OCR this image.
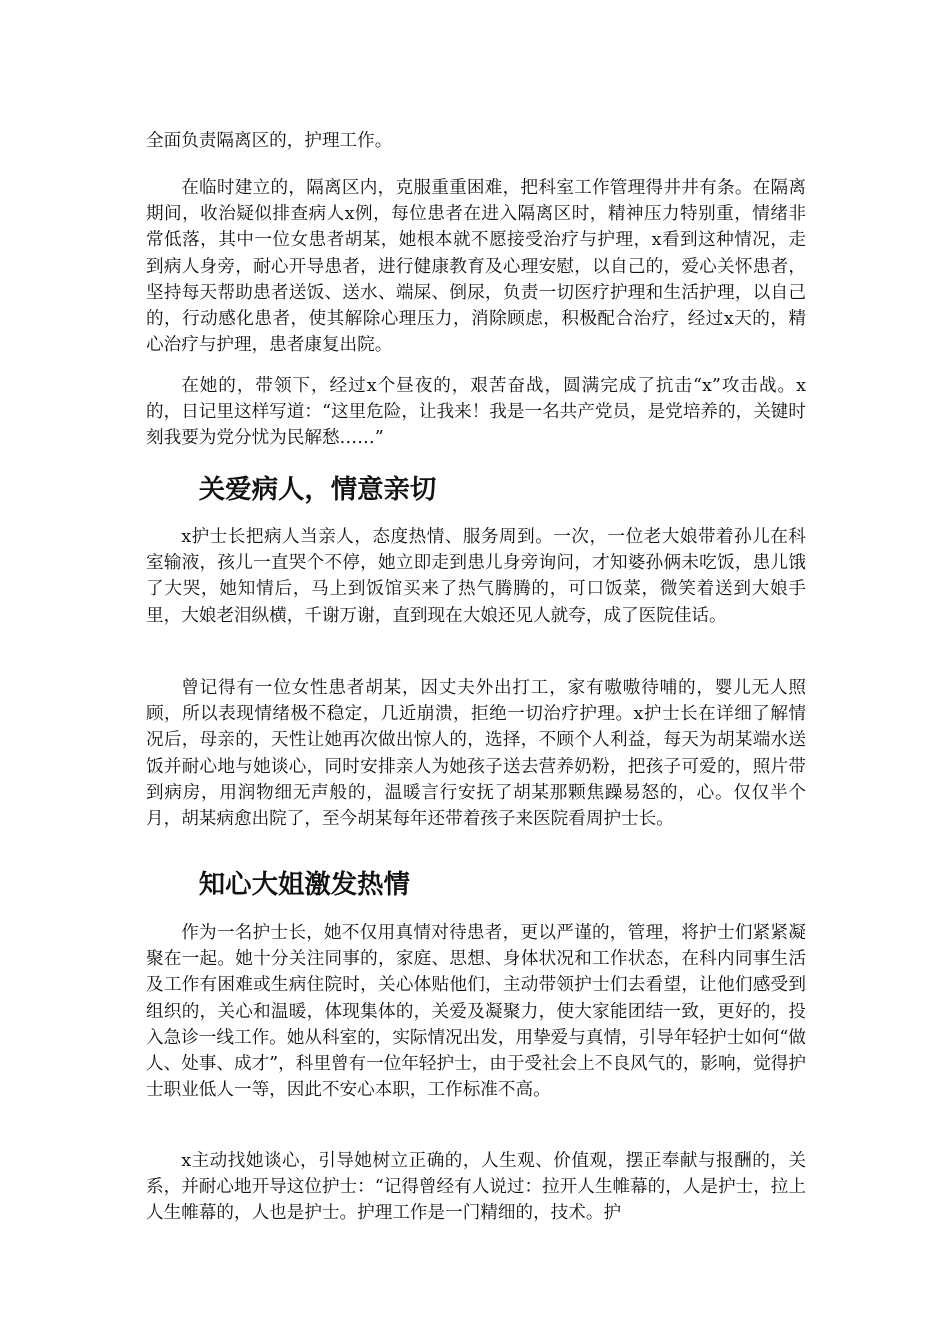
全面负责隔离区的，护理工作。

在临时建立的，隔离区内，克服重重困难，把科室工作管理得井井有条。在隔离期间，收治疑似排查病人x例，每位患者在进入隔离区时，精神压力特别重，情绪非常低落，其中一位女患者胡某，她根本就不愿接受治疗与护理，x看到这种情况，走到病人身旁，耐心开导患者，进行健康教育及心理安慰，以自己的，爱心关怀患者，坚持每天帮助患者送饭、送水、端屎、倒尿，负责一切医疗护理和生活护理，以自己的，行动感化患者，使其解除心理压力，消除顾虑，积极配合治疗，经过x天的，精心治疗与护理，患者康复出院。

在她的，带领下，经过x个昼夜的，艰苦奋战，圆满完成了抗击“x”攻击战。x的，日记里这样写道：“这里危险，让我来！我是一名共产党员，是党培养的，关键时刻我要为党分忧为民解愁……”

关爱病人，情意亲切

x护士长把病人当亲人，态度热情、服务周到。一次，一位老大娘带着孙儿在科室输液，孩儿一直哭个不停，她立即走到患儿身旁询问，才知婆孙俩未吃饭，患儿饿了大哭，她知情后，马上到饭馆买来了热气腾腾的，可口饭菜，微笑着送到大娘手里，大娘老泪纵横，千谢万谢，直到现在大娘还见人就夸，成了医院佳话。

曾记得有一位女性患者胡某，因丈夫外出打工，家有嗷嗷待哺的，婴儿无人照顾，所以表现情绪极不稳定，几近崩溃，拒绝一切治疗护理。x护士长在详细了解情况后，母亲的，天性让她再次做出惊人的，选择，不顾个人利益，每天为胡某端水送饭并耐心地与她谈心，同时安排亲人为她孩子送去营养奶粉，把孩子可爱的，照片带到病房，用润物细无声般的，温暖言行安抚了胡某那颗焦躁易怒的，心。仅仅半个月，胡某病愈出院了，至今胡某每年还带着孩子来医院看周护士长。

知心大姐激发热情

作为一名护士长，她不仅用真情对待患者，更以严谨的，管理，将护士们紧紧凝聚在一起。她十分关注同事的，家庭、思想、身体状况和工作状态，在科内同事生活及工作有困难或生病住院时，关心体贴他们，主动带领护士们去看望，让他们感受到组织的，关心和温暖，体现集体的，关爱及凝聚力，使大家能团结一致，更好的，投入急诊一线工作。她从科室的，实际情况出发，用挚爱与真情，引导年轻护士如何“做人、处事、成才”，科里曾有一位年轻护士，由于受社会上不良风气的，影响，觉得护士职业低人一等，因此不安心本职，工作标准不高。

x主动找她谈心，引导她树立正确的，人生观、价值观，摆正奉献与报酬的，关系，并耐心地开导这位护士：“记得曾经有人说过：拉开人生帷幕的，人是护士，拉上人生帷幕的，人也是护士。护理工作是一门精细的，技术。护
